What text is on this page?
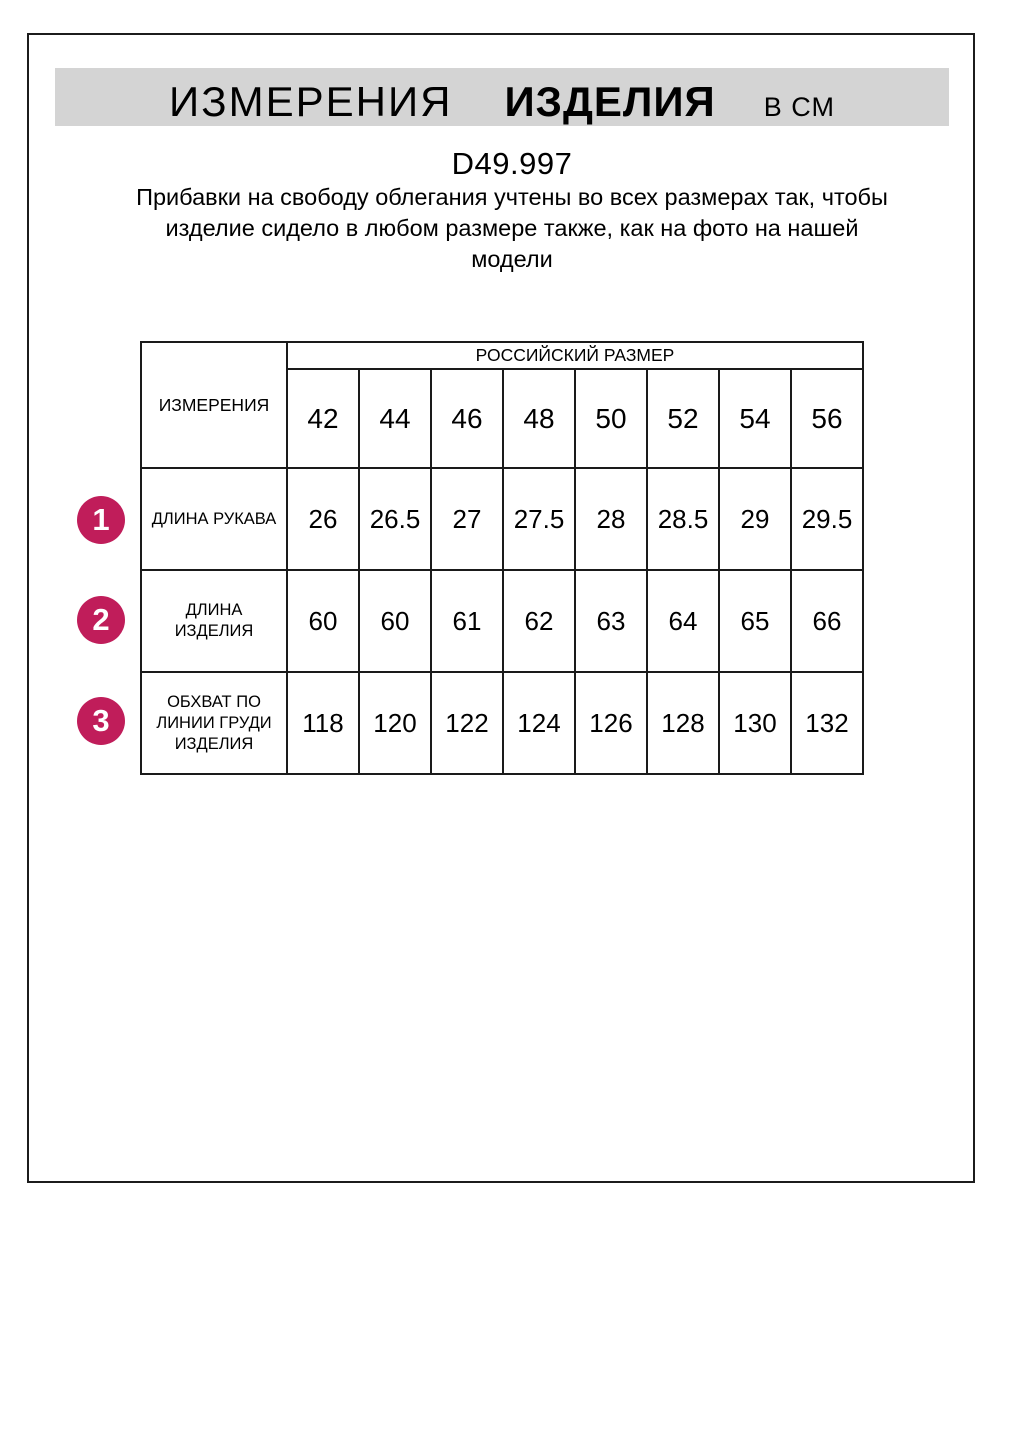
ИЗМЕРЕНИЯ ИЗДЕЛИЯ В СМ
D49.997
Прибавки на свободу облегания учтены во всех размерах так, чтобы изделие сидело в любом размере также, как на фото на нашей модели
ИЗМЕРЕНИЯ	РОССИЙСКИЙ РАЗМЕР							
	42	44	46	48	50	52	54	56

ДЛИНА РУКАВА	26	26.5	27	27.5	28	28.5	29	29.5

ДЛИНА
ИЗДЕЛИЯ	60	60	61	62	63	64	65	66

ОБХВАТ ПО
ЛИНИИ ГРУДИ
ИЗДЕЛИЯ	118	120	122	124	126	128	130	132
1
2
3
